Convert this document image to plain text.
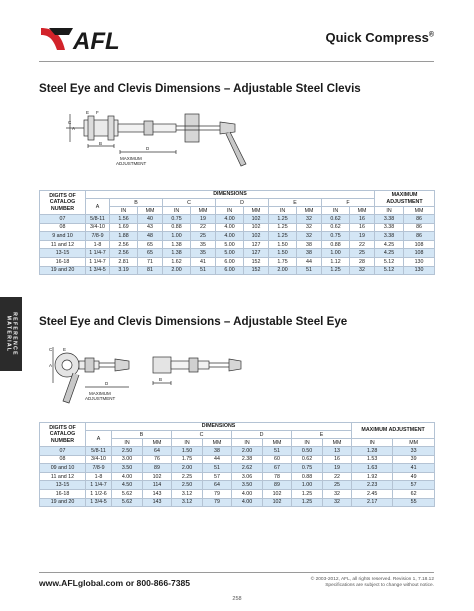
AFL	Quick Compress®
Steel Eye and Clevis Dimensions – Adjustable Steel Clevis
C
A
E F
B
D
MAXIMUM
ADJUSTMENT
DIGITS OF CATALOG NUMBER	DIMENSIONS											MAXIMUM ADJUSTMENT	
	A	B		C		D		E		F			
		IN	MM	IN	MM	IN	MM	IN	MM	IN	MM	IN	MM
07	5/8-11	1.56	40	0.75	19	4.00	102	1.25	32	0.62	16	3.38	86
08	3/4-10	1.69	43	0.88	22	4.00	102	1.25	32	0.62	16	3.38	86
9 and 10	7/8-9	1.88	48	1.00	25	4.00	102	1.25	32	0.75	19	3.38	86
11 and 12	1-8	2.56	65	1.38	35	5.00	127	1.50	38	0.88	22	4.25	108
13-15	1 1/4-7	2.56	65	1.38	35	5.00	127	1.50	38	1.00	25	4.25	108
16-18	1 1/4-7	2.81	71	1.62	41	6.00	152	1.75	44	1.12	28	5.12	130
19 and 20	1 3/4-5	3.19	81	2.00	51	6.00	152	2.00	51	1.25	32	5.12	130
Steel Eye and Clevis Dimensions – Adjustable Steel Eye
C E
A
B
D
MAXIMUM
ADJUSTMENT
DIGITS OF CATALOG NUMBER	DIMENSIONS									MAXIMUM ADJUSTMENT	
	A	B		C		D		E			
		IN	MM	IN	MM	IN	MM	IN	MM	IN	MM
07	5/8-11	2.50	64	1.50	38	2.00	51	0.50	13	1.28	33
08	3/4-10	3.00	76	1.75	44	2.38	60	0.62	16	1.53	39
09 and 10	7/8-9	3.50	89	2.00	51	2.62	67	0.75	19	1.63	41
11 and 12	1-8	4.00	102	2.25	57	3.06	78	0.88	22	1.92	49
13-15	1 1/4-7	4.50	114	2.50	64	3.50	89	1.00	25	2.23	57
16-18	1 1/2-6	5.62	143	3.12	79	4.00	102	1.25	32	2.45	62
19 and 20	1 3/4-5	5.62	143	3.12	79	4.00	102	1.25	32	2.17	55
REFERENCE
MATERIAL
www.AFLglobal.com or 800-866-7385	© 2003-2012, AFL, all rights reserved. Revision 1, 7.18.12
Specifications are subject to change without notice.
258
